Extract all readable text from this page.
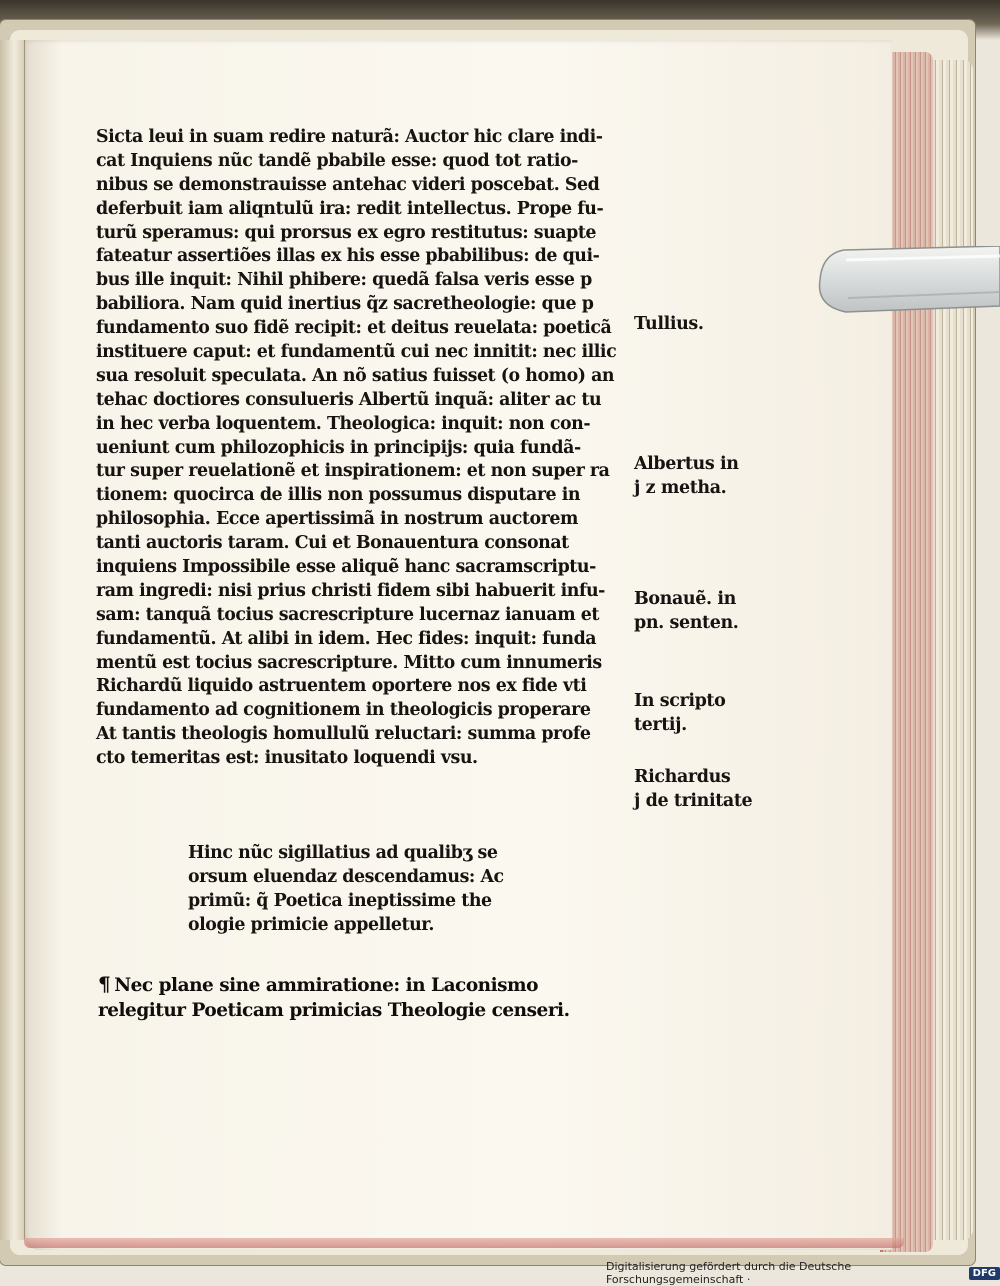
Sicta leui in suam redire naturã: Auctor hic clare indi-
cat Inquiens nũc tandẽ pbabile esse: quod tot ratio-
nibus se demonstrauisse antehac videri poscebat. Sed
deferbuit iam aliqntulũ ira: redit intellectus. Prope fu-
turũ speramus: qui prorsus ex egro restitutus: suapte
fateatur assertiões illas ex his esse pbabilibus: de qui-
bus ille inquit: Nihil phibere: quedã falsa veris esse p
babiliora. Nam quid inertius q̃z sacretheologie: que p
fundamento suo fidẽ recipit: et deitus reuelata: poeticã
instituere caput: et fundamentũ cui nec innitit: nec illic
sua resoluit speculata. An nõ satius fuisset (o homo) an
tehac doctiores consulueris Albertũ inquã: aliter ac tu
in hec verba loquentem. Theologica: inquit: non con-
ueniunt cum philozophicis in principijs: quia fundã-
tur super reuelationẽ et inspirationem: et non super ra
tionem: quocirca de illis non possumus disputare in
philosophia. Ecce apertissimã in nostrum auctorem
tanti auctoris taram. Cui et Bonauentura consonat
inquiens Impossibile esse aliquẽ hanc sacramscriptu-
ram ingredi: nisi prius christi fidem sibi habuerit infu-
sam: tanquã tocius sacrescripture lucernaz ianuam et
fundamentũ. At alibi in idem. Hec fides: inquit: funda
mentũ est tocius sacrescripture. Mitto cum innumeris
Richardũ liquido astruentem oportere nos ex fide vti
fundamento ad cognitionem in theologicis properare
At tantis theologis homullulũ reluctari: summa profe
cto temeritas est: inusitato loquendi vsu.
Hinc nũc sigillatius ad qualibʒ se
orsum eluendaz descendamus: Ac
primũ: q̃ Poetica ineptissime the
ologie primicie appelletur.
¶ Nec plane sine ammiratione: in Laconismo
relegitur Poeticam primicias Theologie censeri.
Tullius.
Albertus in
j z metha.
Bonauẽ. in
pn. senten.
In scripto
tertij.
Richardus
j de trinitate
Digitalisierung gefördert durch die Deutsche Forschungsgemeinschaft ·	DFG
